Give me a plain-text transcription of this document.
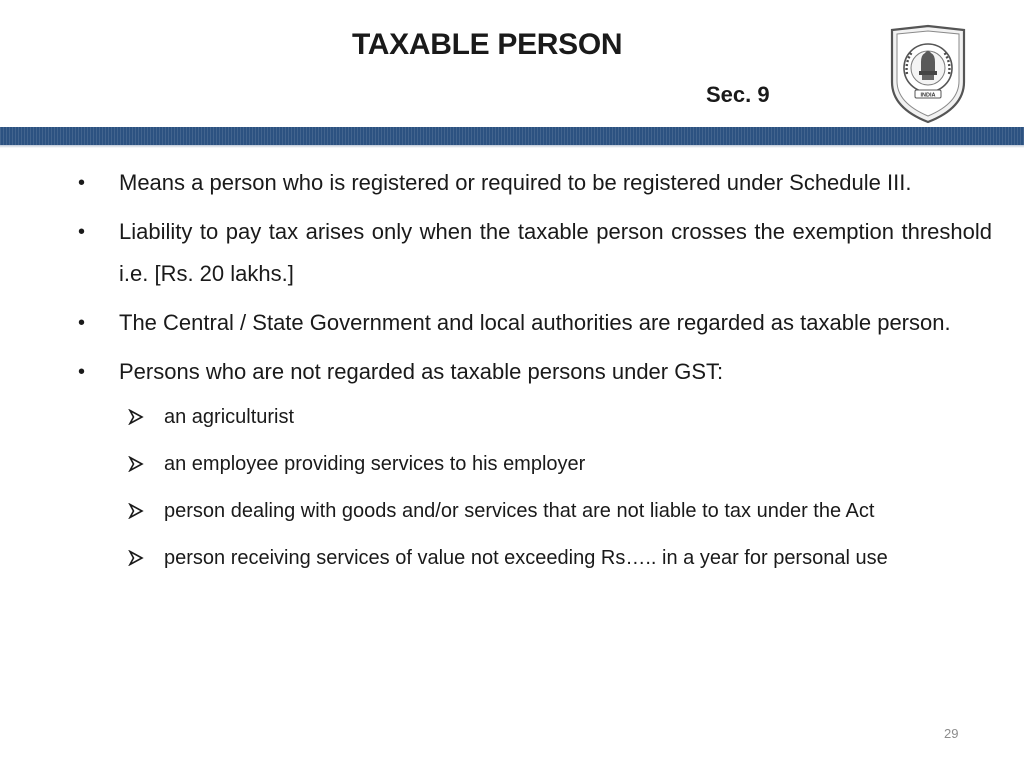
TAXABLE PERSON
Sec. 9	INDIA
•	Means a person who is registered or required to be registered under Schedule III.
•	Liability to pay tax arises only when the taxable person crosses the exemption threshold i.e. [Rs. 20 lakhs.]
•	The Central / State Government and local authorities are regarded as taxable person.
•	Persons who are not regarded as taxable persons under GST:
an agriculturist
an employee providing services to his employer
person dealing with goods and/or services that are not liable to tax under the Act
person receiving services of value not exceeding Rs….. in a year for personal use
29
